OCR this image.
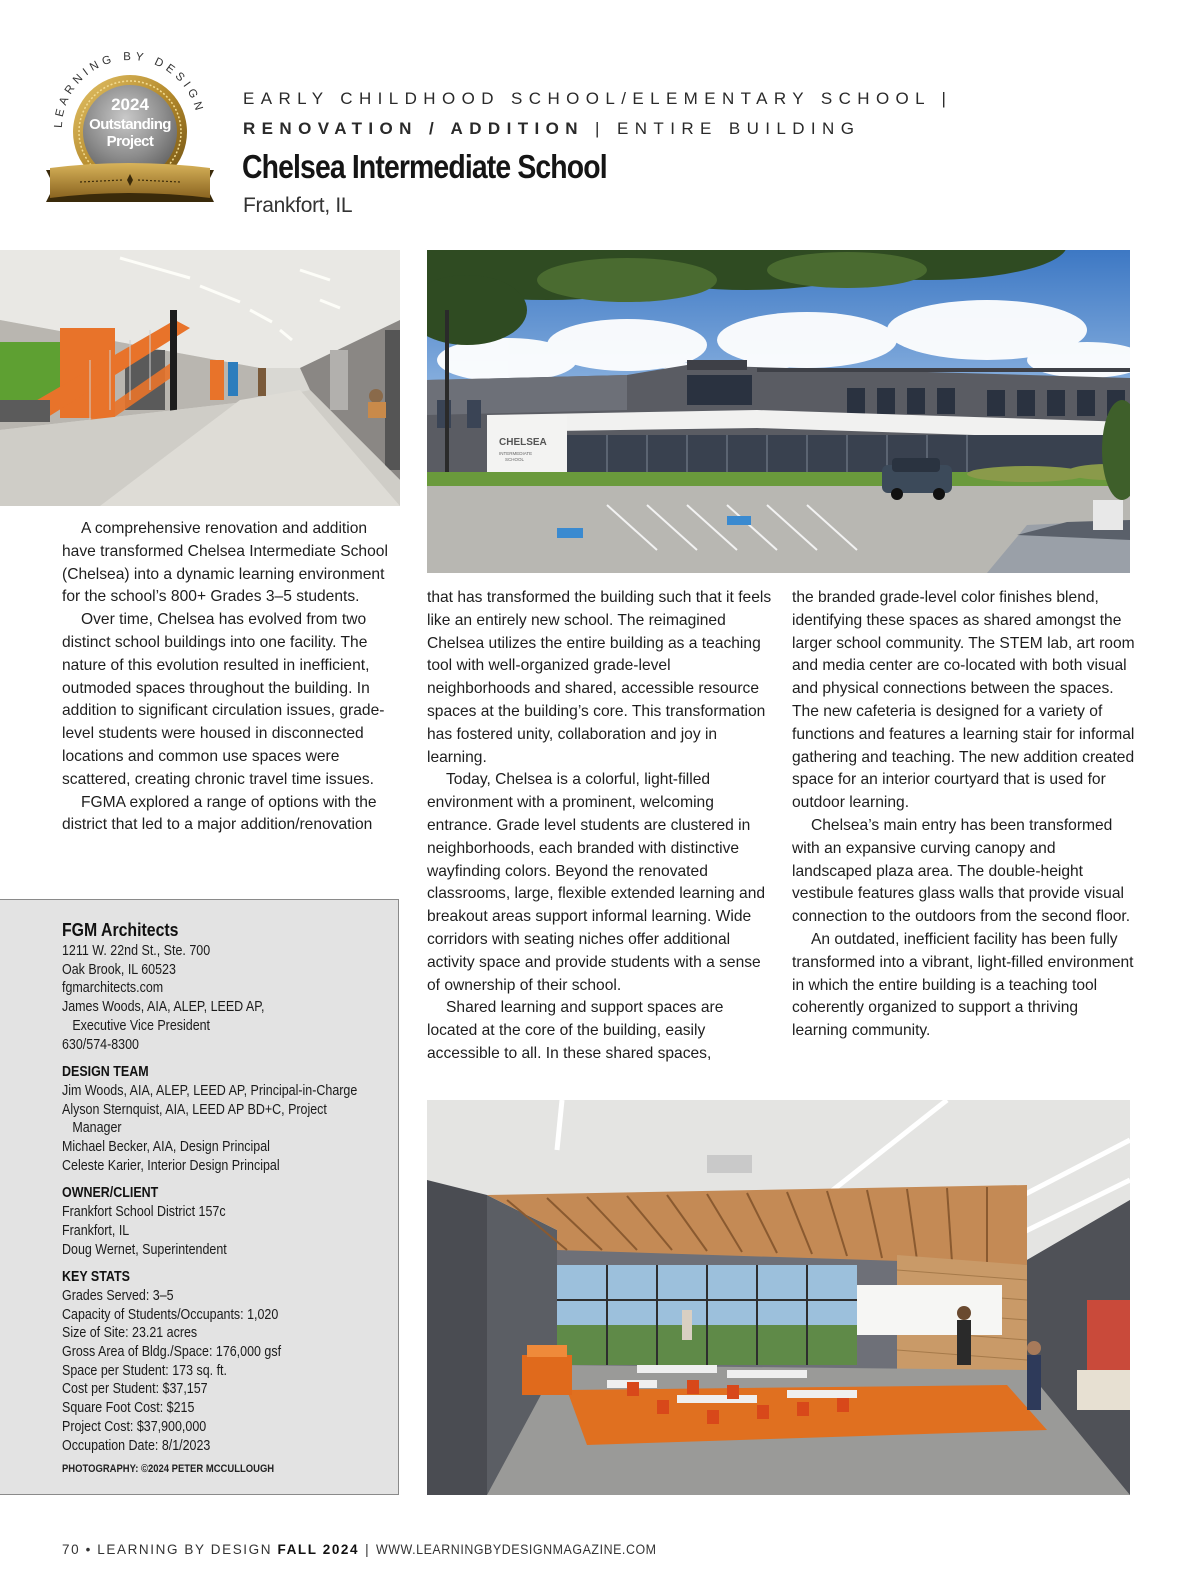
LEARNING BY DESIGN
2024
Outstanding
Project
EARLY CHILDHOOD SCHOOL/ELEMENTARY SCHOOL |
RENOVATION / ADDITION | ENTIRE BUILDING
Chelsea Intermediate School
Frankfort, IL
CHELSEA
INTERMEDIATE
SCHOOL

A comprehensive renovation and addition have transformed Chelsea Intermediate School (Chelsea) into a dynamic learning environment for the school’s 800+ Grades 3–5 students.

Over time, Chelsea has evolved from two distinct school buildings into one facility. The nature of this evolution resulted in inefficient, outmoded spaces throughout the building. In addition to significant circulation issues, grade-level students were housed in disconnected locations and common use spaces were scattered, creating chronic travel time issues.

FGMA explored a range of options with the district that led to a major addition/renovation

that has transformed the building such that it feels like an entirely new school. The reimagined Chelsea utilizes the entire building as a teaching tool with well-organized grade-level neighborhoods and shared, accessible resource spaces at the building’s core. This transformation has fostered unity, collaboration and joy in learning.

Today, Chelsea is a colorful, light-filled environment with a prominent, welcoming entrance. Grade level students are clustered in neighborhoods, each branded with distinctive wayfinding colors. Beyond the renovated classrooms, large, flexible extended learning and breakout areas support informal learning. Wide corridors with seating niches offer additional activity space and provide students with a sense of ownership of their school.

Shared learning and support spaces are located at the core of the building, easily accessible to all. In these shared spaces,

the branded grade-level color finishes blend, identifying these spaces as shared amongst the larger school community. The STEM lab, art room and media center are co-located with both visual and physical connections between the spaces. The new cafeteria is designed for a variety of functions and features a learning stair for informal gathering and teaching. The new addition created space for an interior courtyard that is used for outdoor learning.

Chelsea’s main entry has been transformed with an expansive curving canopy and landscaped plaza area. The double-height vestibule features glass walls that provide visual connection to the outdoors from the second floor.

An outdated, inefficient facility has been fully transformed into a vibrant, light-filled environment in which the entire building is a teaching tool coherently organized to support a thriving learning community.

FGM Architects
1211 W. 22nd St., Ste. 700
Oak Brook, IL 60523
fgmarchitects.com
James Woods, AIA, ALEP, LEED AP,
Executive Vice President
630/574-8300
DESIGN TEAM
Jim Woods, AIA, ALEP, LEED AP, Principal-in-Charge
Alyson Sternquist, AIA, LEED AP BD+C, Project
Manager
Michael Becker, AIA, Design Principal
Celeste Karier, Interior Design Principal
OWNER/CLIENT
Frankfort School District 157c
Frankfort, IL
Doug Wernet, Superintendent
KEY STATS
Grades Served: 3–5
Capacity of Students/Occupants: 1,020
Size of Site: 23.21 acres
Gross Area of Bldg./Space: 176,000 gsf
Space per Student: 173 sq. ft.
Cost per Student: $37,157
Square Foot Cost: $215
Project Cost: $37,900,000
Occupation Date: 8/1/2023
PHOTOGRAPHY: ©2024 PETER MCCULLOUGH
70 • LEARNING BY DESIGN FALL 2024 | WWW.LEARNINGBYDESIGNMAGAZINE.COM
